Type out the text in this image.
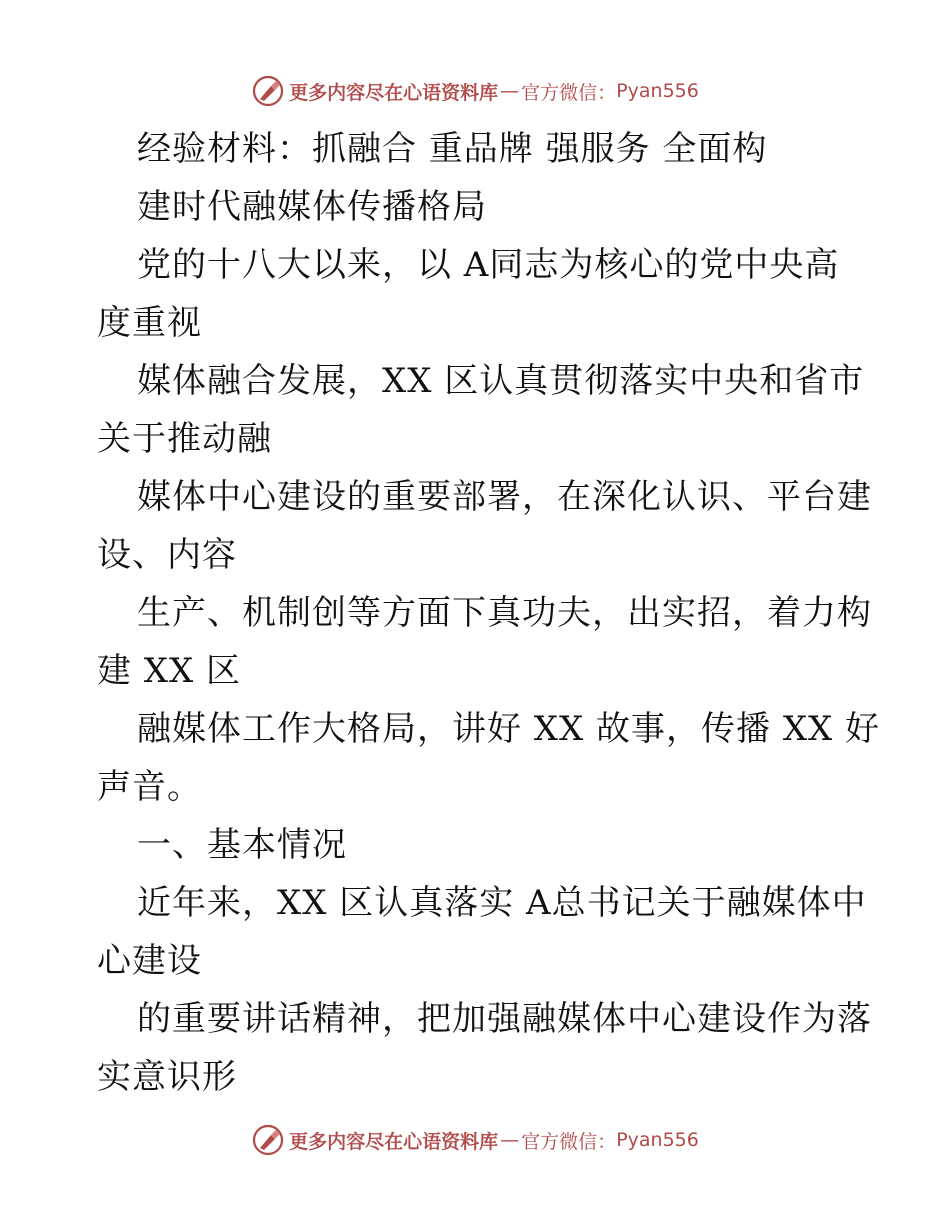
更多内容尽在心语资料库 — 官方微信： Pyan556
经验材料：抓融合 重品牌 强服务 全面构
建时代融媒体传播格局
党的十八大以来，以 A同志为核心的党中央高
度重视
媒体融合发展，XX 区认真贯彻落实中央和省市
关于推动融
媒体中心建设的重要部署，在深化认识、平台建
设、内容
生产、机制创等方面下真功夫，出实招，着力构
建 XX 区
融媒体工作大格局，讲好 XX 故事，传播 XX 好
声音。
一、基本情况
近年来，XX 区认真落实 A总书记关于融媒体中
心建设
的重要讲话精神，把加强融媒体中心建设作为落
实意识形
更多内容尽在心语资料库 — 官方微信： Pyan556
